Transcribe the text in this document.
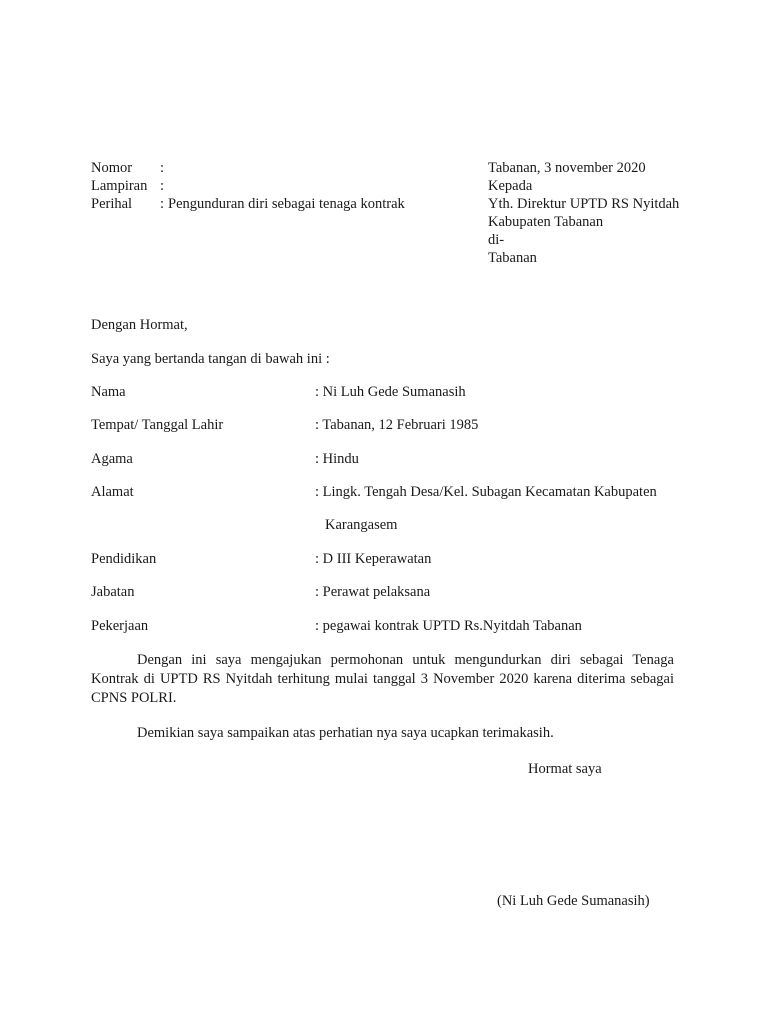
Nomor :
Lampiran :
Perihal : Pengunduran diri sebagai tenaga kontrak
Tabanan, 3 november 2020
Kepada
Yth. Direktur UPTD RS Nyitdah
Kabupaten Tabanan
di-
Tabanan
Dengan Hormat,
Saya yang bertanda tangan di bawah ini :
Nama	: Ni Luh Gede Sumanasih
Tempat/ Tanggal Lahir	: Tabanan, 12 Februari 1985
Agama	: Hindu
Alamat	: Lingk. Tengah Desa/Kel. Subagan Kecamatan Kabupaten
Karangasem
Pendidikan	: D III Keperawatan
Jabatan	: Perawat pelaksana
Pekerjaan	: pegawai kontrak UPTD Rs.Nyitdah Tabanan
Dengan ini saya mengajukan permohonan untuk mengundurkan diri sebagai Tenaga Kontrak di UPTD RS Nyitdah terhitung mulai tanggal 3 November 2020 karena diterima sebagai CPNS POLRI.
Demikian saya sampaikan atas perhatian nya saya ucapkan terimakasih.
Hormat saya
(Ni Luh Gede Sumanasih)
